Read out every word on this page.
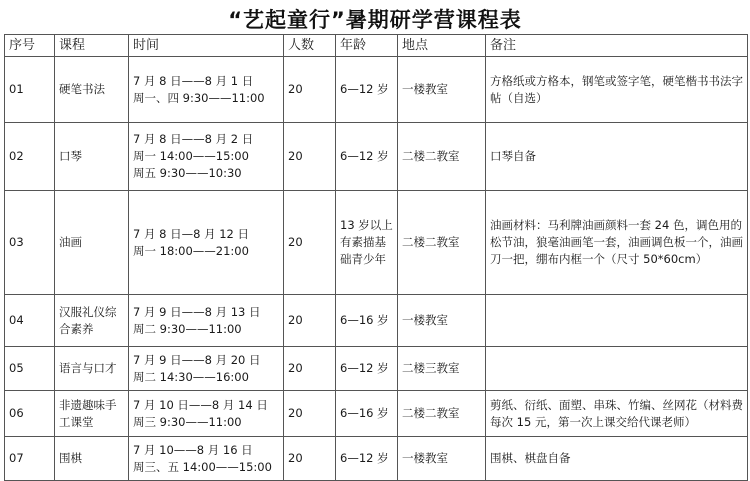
“艺起童行”暑期研学营课程表
序号	课程	时间	人数	年龄	地点	备注
01	硬笔书法	7 月 8 日——8 月 1 日
周一、四 9:30——11:00	20	6—12 岁	一楼教室	方格纸或方格本，钢笔或签字笔，硬笔楷书书法字帖（自选）

02	口琴	7 月 8 日——8 月 2 日
周一 14:00——15:00
周五 9:30——10:30	20	6—12 岁	二楼二教室	口琴自备

03	油画	7 月 8 日—8 月 12 日
周一 18:00——21:00	20	13 岁以上有素描基础青少年	二楼二教室	油画材料：马利牌油画颜料一套 24 色，调色用的松节油，狼毫油画笔一套，油画调色板一个，油画刀一把，绷布内框一个（尺寸 50*60cm）

04	汉服礼仪综合素养	7 月 9 日——8 月 13 日
周二 9:30——11:00	20	6—16 岁	一楼教室	

05	语言与口才	7 月 9 日——8 月 20 日
周二 14:30——16:00	20	6—12 岁	二楼三教室	

06	非遗趣味手工课堂	7 月 10 日——8 月 14 日
周三 9:30——11:00	20	6—16 岁	二楼二教室	剪纸、衍纸、面塑、串珠、竹编、丝网花（材料费每次 15 元，第一次上课交给代课老师）

07	围棋	7 月 10——8 月 16 日
周三、五 14:00——15:00	20	6—12 岁	一楼教室	围棋、棋盘自备
